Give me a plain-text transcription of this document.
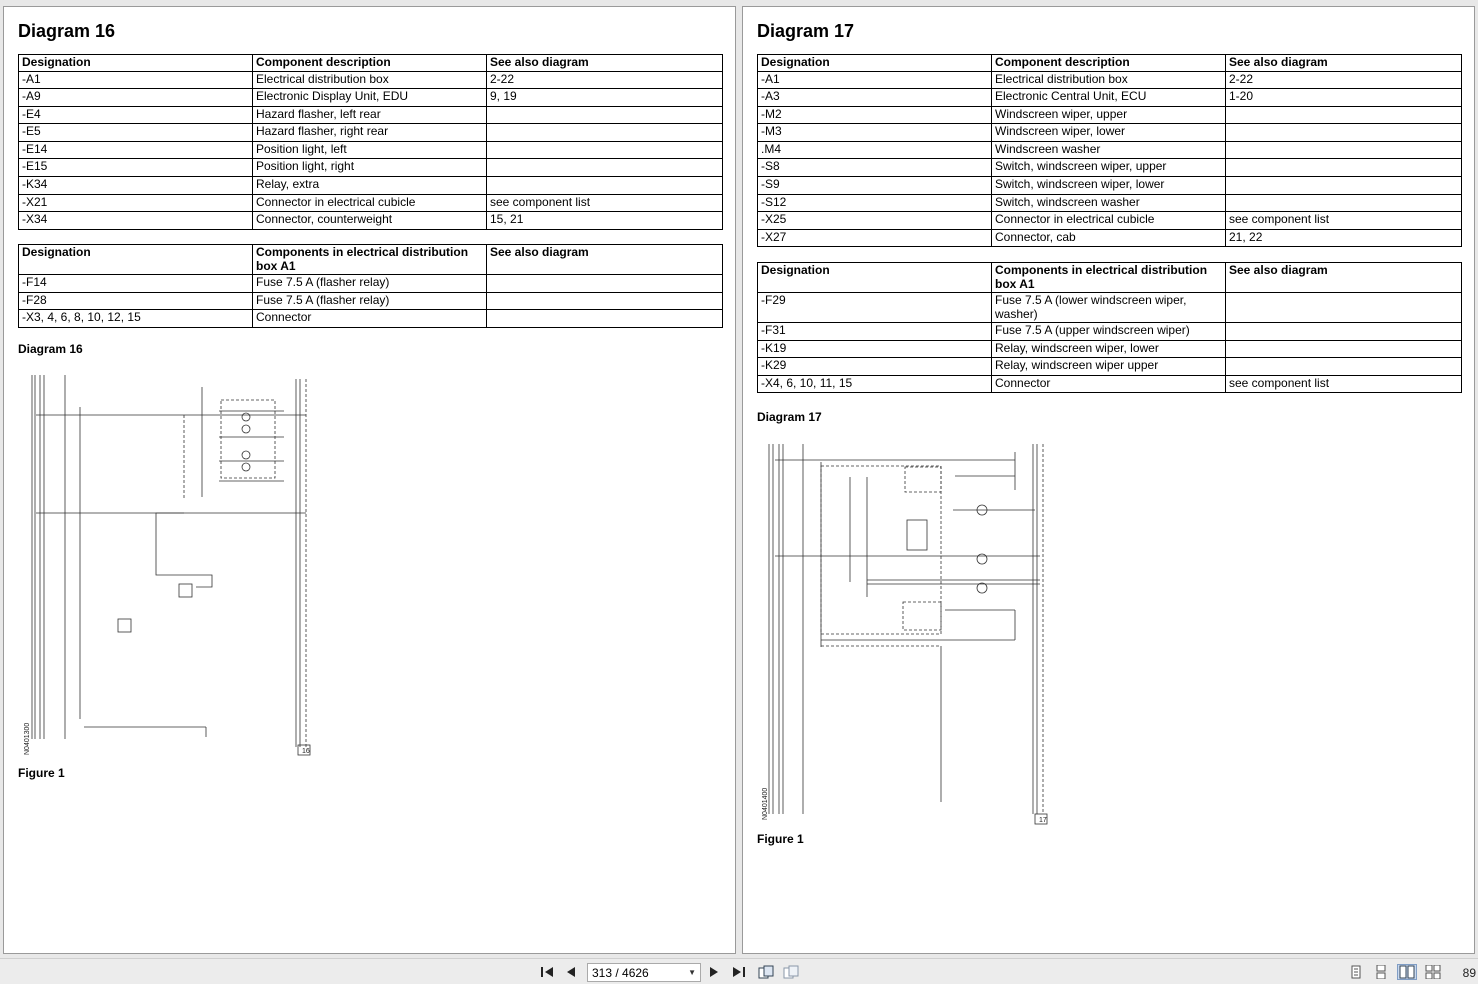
Diagram 16
Designation	Component description	See also diagram
-A1	Electrical distribution box	2-22
-A9	Electronic Display Unit, EDU	9, 19
-E4	Hazard flasher, left rear	
-E5	Hazard flasher, right rear	
-E14	Position light, left	
-E15	Position light, right	
-K34	Relay, extra	
-X21	Connector in electrical cubicle	see component list
-X34	Connector, counterweight	15, 21
Designation	Components in electrical distribution box A1	See also diagram
-F14	Fuse 7.5 A (flasher relay)	
-F28	Fuse 7.5 A (flasher relay)	
-X3, 4, 6, 8, 10, 12, 15	Connector	
Diagram 16
16
N0401300
Figure 1
Diagram 17
Designation	Component description	See also diagram
-A1	Electrical distribution box	2-22
-A3	Electronic Central Unit, ECU	1-20
-M2	Windscreen wiper, upper	
-M3	Windscreen wiper, lower	
.M4	Windscreen washer	
-S8	Switch, windscreen wiper, upper	
-S9	Switch, windscreen wiper, lower	
-S12	Switch, windscreen washer	
-X25	Connector in electrical cubicle	see component list
-X27	Connector, cab	21, 22
Designation	Components in electrical distribution box A1	See also diagram
-F29	Fuse 7.5 A (lower windscreen wiper, washer)	
-F31	Fuse 7.5 A (upper windscreen wiper)	
-K19	Relay, windscreen wiper, lower	
-K29	Relay, windscreen wiper upper	
-X4, 6, 10, 11, 15	Connector	see component list
Diagram 17
17
N0401400
Figure 1
313 / 4626	▼	89
